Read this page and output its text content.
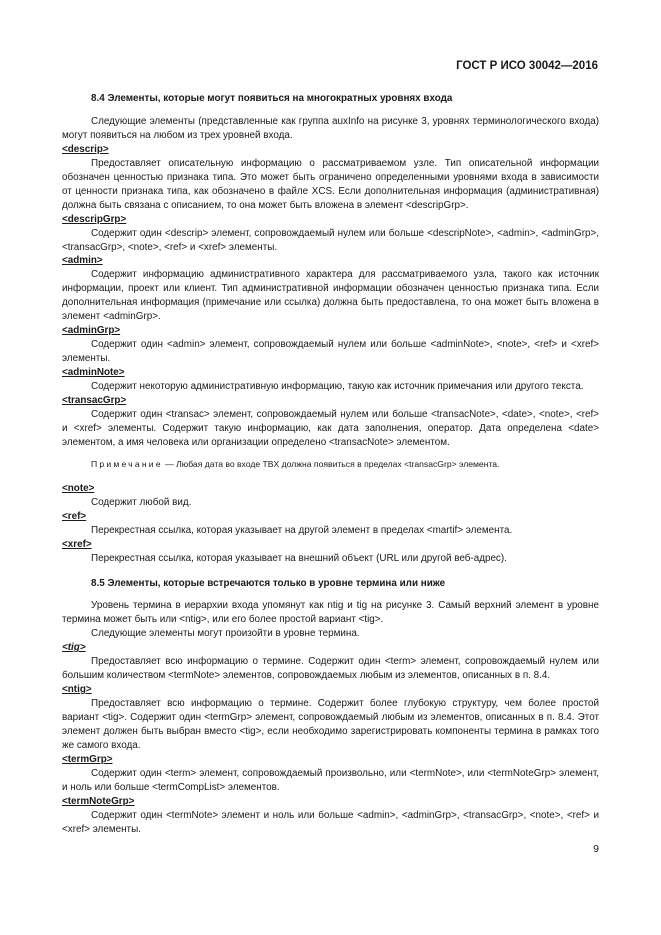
ГОСТ Р ИСО 30042—2016

8.4 Элементы, которые могут появиться на многократных уровнях входа

Следующие элементы (представленные как группа auxInfo на рисунке 3, уровнях терминологического входа) могут появиться на любом из трех уровней входа.

<descrip>

Предоставляет описательную информацию о рассматриваемом узле. Тип описательной информации обозначен ценностью признака типа. Это может быть ограничено определенными уровнями входа в зависимости от ценности признака типа, как обозначено в файле XCS. Если дополнительная информация (административная) должна быть связана с описанием, то она может быть вложена в элемент <descripGrp>.

<descripGrp>

Содержит один <descrip> элемент, сопровождаемый нулем или больше <descripNote>, <admin>, <adminGrp>, <transacGrp>, <note>, <ref> и <xref> элементы.

<admin>

Содержит информацию административного характера для рассматриваемого узла, такого как источник информации, проект или клиент. Тип административной информации обозначен ценностью признака типа. Если дополнительная информация (примечание или ссылка) должна быть предоставлена, то она может быть вложена в элемент <adminGrp>.

<adminGrp>

Содержит один <admin> элемент, сопровождаемый нулем или больше <adminNote>, <note>, <ref> и <xref> элементы.

<adminNote>

Содержит некоторую административную информацию, такую как источник примечания или другого текста.

<transacGrp>

Содержит один <transac> элемент, сопровождаемый нулем или больше <transacNote>, <date>, <note>, <ref> и <xref> элементы. Содержит такую информацию, как дата заполнения, оператор. Дата определена <date> элементом, а имя человека или организации определено <transacNote> элементом.

Примечание — Любая дата во входе TBX должна появиться в пределах <transacGrp> элемента.

<note>

Содержит любой вид.

<ref>

Перекрестная ссылка, которая указывает на другой элемент в пределах <martif> элемента.

<xref>

Перекрестная ссылка, которая указывает на внешний объект (URL или другой веб-адрес).

8.5 Элементы, которые встречаются только в уровне термина или ниже

Уровень термина в иерархии входа упомянут как ntig и tig на рисунке 3. Самый верхний элемент в уровне термина может быть или <ntig>, или его более простой вариант <tig>.

Следующие элементы могут произойти в уровне термина.

<tig>

Предоставляет всю информацию о термине. Содержит один <term> элемент, сопровождаемый нулем или большим количеством <termNote> элементов, сопровождаемых любым из элементов, описанных в п. 8.4.

<ntig>

Предоставляет всю информацию о термине. Содержит более глубокую структуру, чем более простой вариант <tig>. Содержит один <termGrp> элемент, сопровождаемый любым из элементов, описанных в п. 8.4. Этот элемент должен быть выбран вместо <tig>, если необходимо зарегистрировать компоненты термина в рамках того же самого входа.

<termGrp>

Содержит один <term> элемент, сопровождаемый произвольно, или <termNote>, или <termNoteGrp> элемент, и ноль или больше <termCompList> элементов.

<termNoteGrp>

Содержит один <termNote> элемент и ноль или больше <admin>, <adminGrp>, <transacGrp>, <note>, <ref> и <xref> элементы.

9
